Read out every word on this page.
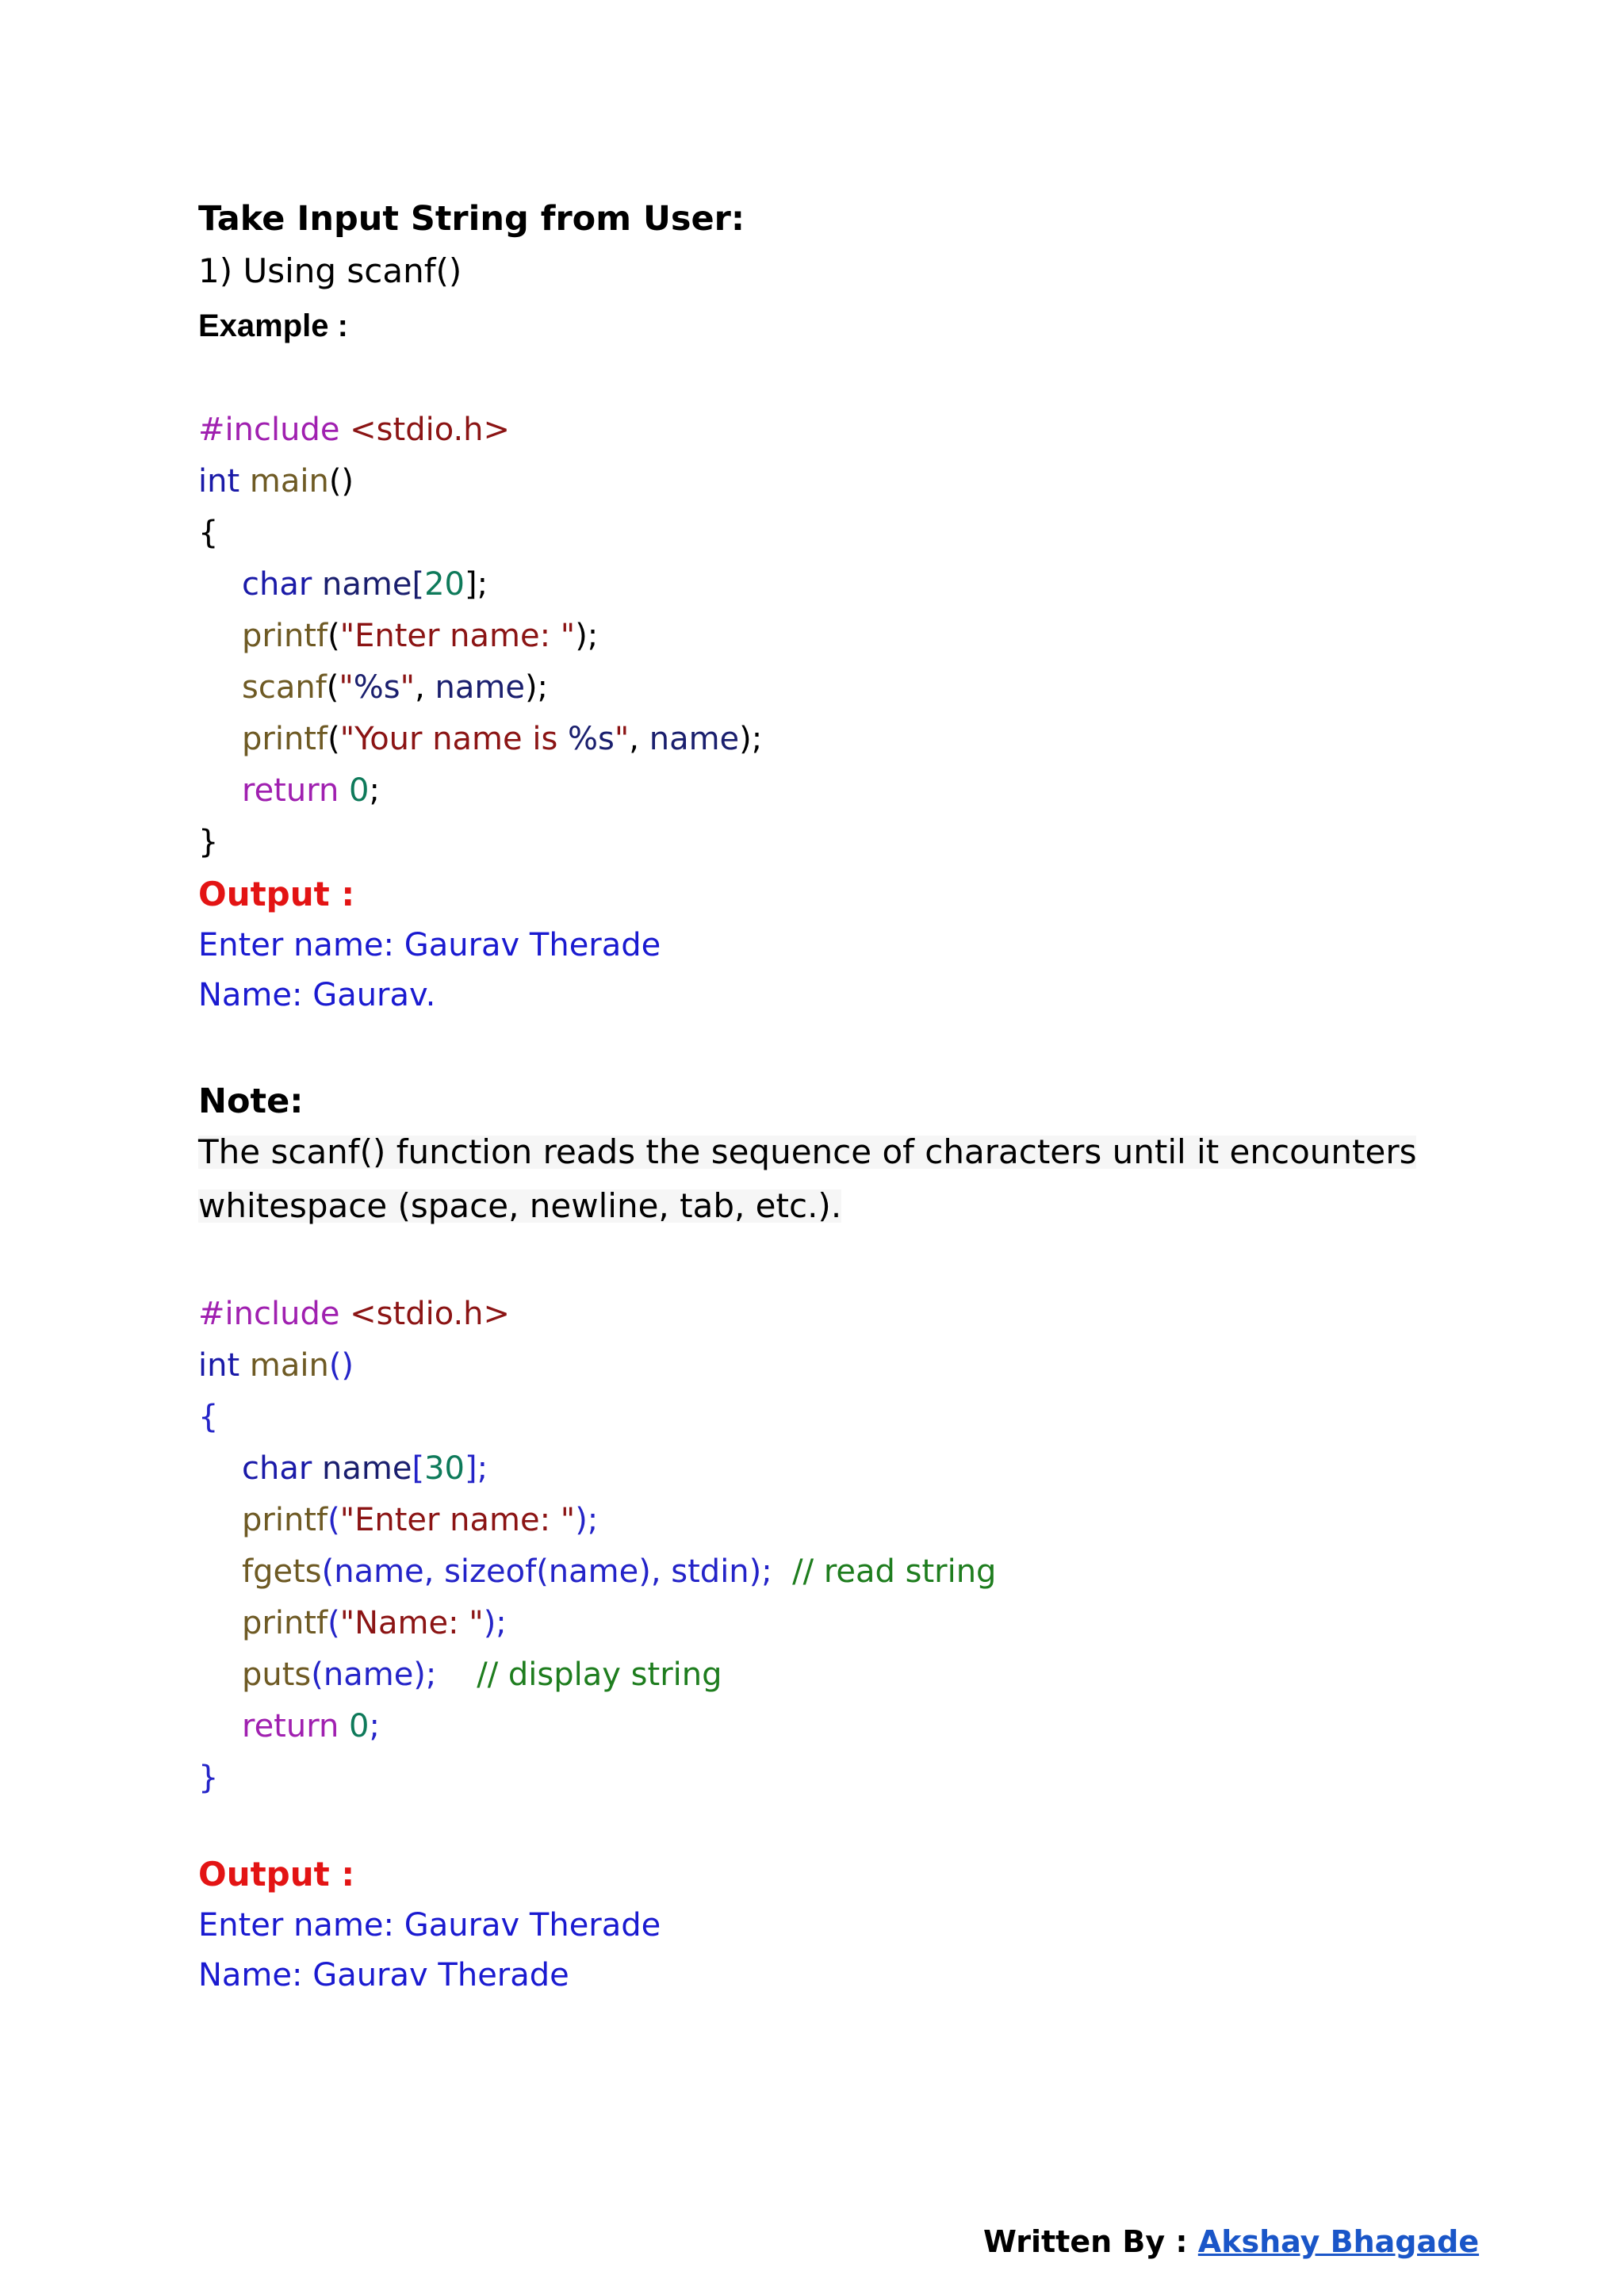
Take Input String from User:
1) Using scanf()
Example :
#include <stdio.h>
int main()
{
char name[20];
printf("Enter name: ");
scanf("%s", name);
printf("Your name is %s", name);
return 0;
}
Output :
Enter name: Gaurav Therade
Name: Gaurav.
Note:
The scanf() function reads the sequence of characters until it encounters
whitespace (space, newline, tab, etc.).
#include <stdio.h>
int main()
{
char name[30];
printf("Enter name: ");
fgets(name, sizeof(name), stdin);  // read string
printf("Name: ");
puts(name);    // display string
return 0;
}
Output :
Enter name: Gaurav Therade
Name: Gaurav Therade
Written By : Akshay Bhagade
